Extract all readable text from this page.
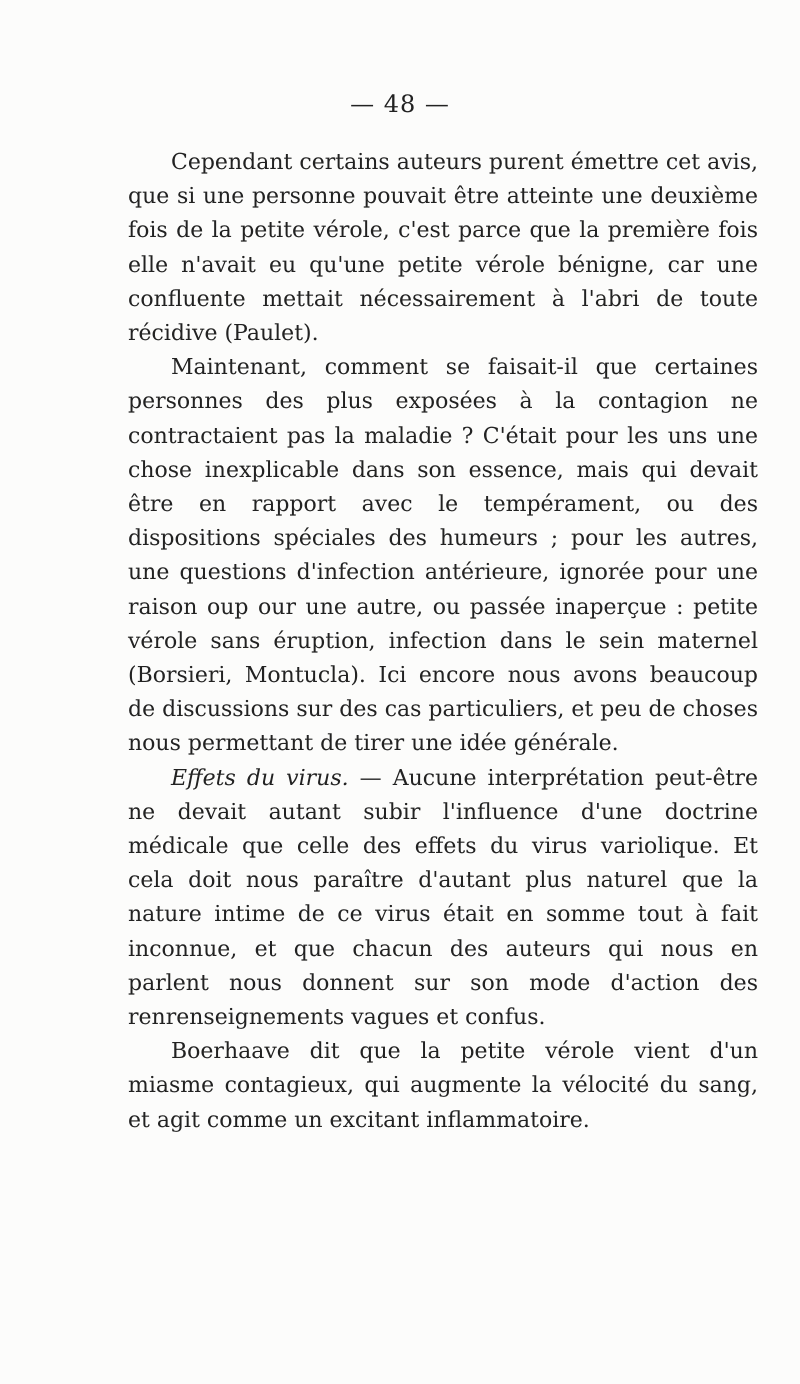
— 48 —

Cependant certains auteurs purent émettre cet avis, que si une personne pouvait être atteinte une deuxième fois de la petite vérole, c'est parce que la première fois elle n'avait eu qu'une petite vérole bénigne, car une confluente mettait nécessairement à l'abri de toute récidive (Paulet).

Maintenant, comment se faisait-il que certaines personnes des plus exposées à la contagion ne contractaient pas la maladie ? C'était pour les uns une chose inexplicable dans son essence, mais qui devait être en rapport avec le tempérament, ou des dispositions spéciales des humeurs ; pour les autres, une questions d'infection antérieure, ignorée pour une raison oup our une autre, ou passée inaperçue : petite vérole sans éruption, infection dans le sein maternel (Borsieri, Montucla). Ici encore nous avons beaucoup de discussions sur des cas particuliers, et peu de choses nous permettant de tirer une idée générale.

Effets du virus. — Aucune interprétation peut-être ne devait autant subir l'influence d'une doctrine médicale que celle des effets du virus variolique. Et cela doit nous paraître d'autant plus naturel que la nature intime de ce virus était en somme tout à fait inconnue, et que chacun des auteurs qui nous en parlent nous donnent sur son mode d'action des renrenseignements vagues et confus.

Boerhaave dit que la petite vérole vient d'un miasme contagieux, qui augmente la vélocité du sang, et agit comme un excitant inflammatoire.
